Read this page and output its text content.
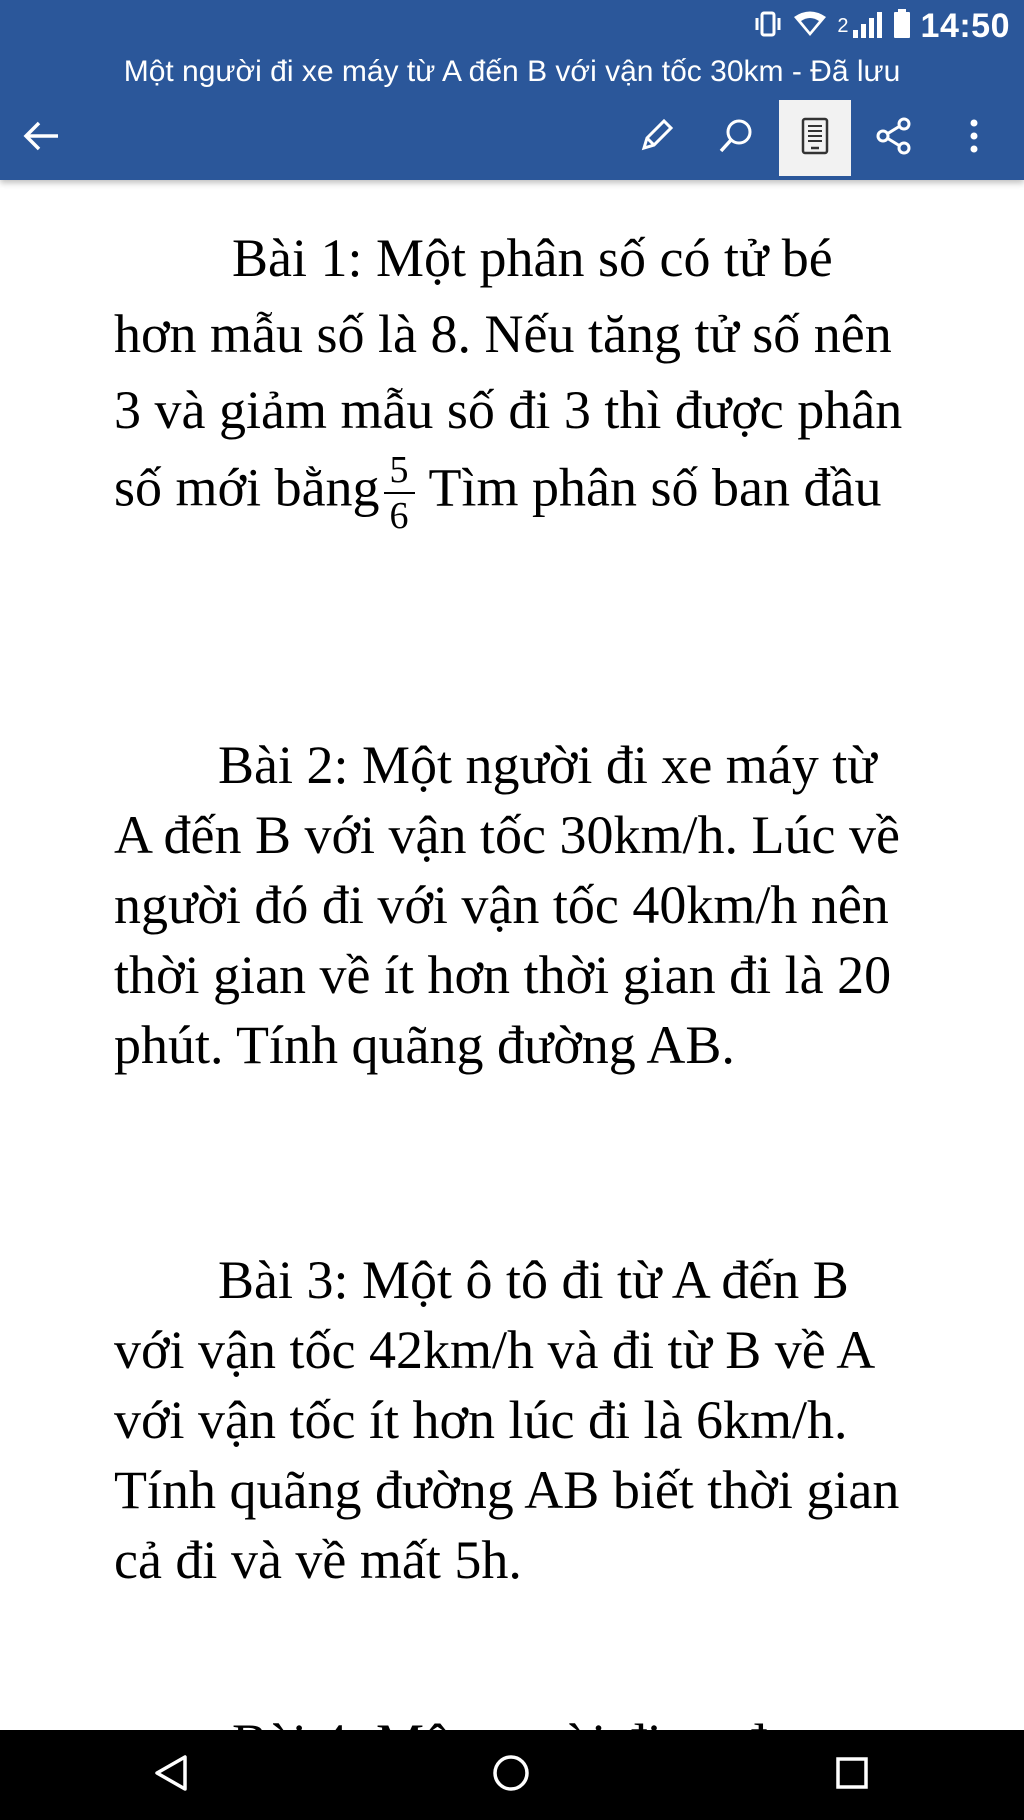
2 14:50
Một người đi xe máy từ A đến B với vận tốc 30km - Đã lưu

Bài 1: Một phân số có tử bé hơn mẫu số là 8. Nếu tăng tử số nên 3 và giảm mẫu số đi 3 thì được phân số mới bằng $\frac{5}{6}$ Tìm phân số ban đầu

Bài 2: Một người đi xe máy từ A đến B với vận tốc 30km/h. Lúc về người đó đi với vận tốc 40km/h nên thời gian về ít hơn thời gian đi là 20 phút. Tính quãng đường AB.

Bài 3: Một ô tô đi từ A đến B với vận tốc 42km/h và đi từ B về A với vận tốc ít hơn lúc đi là 6km/h. Tính quãng đường AB biết thời gian cả đi và về mất 5h.
